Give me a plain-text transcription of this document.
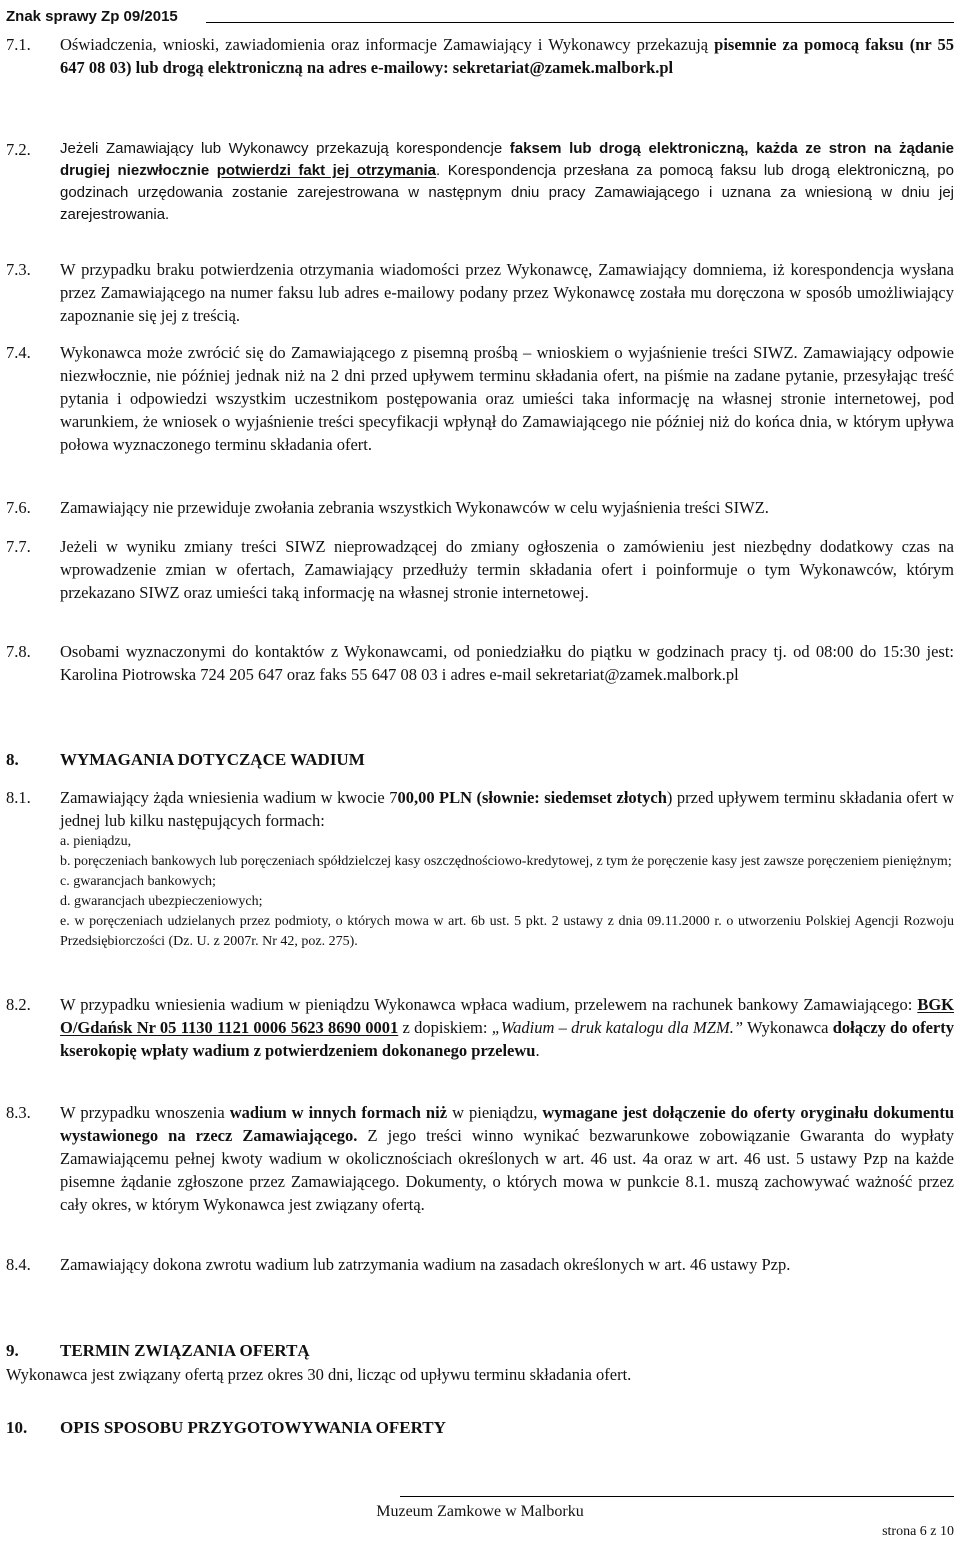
Znak sprawy Zp 09/2015
7.1.	Oświadczenia, wnioski, zawiadomienia oraz informacje Zamawiający i Wykonawcy przekazują pisemnie za pomocą faksu (nr 55 647 08 03) lub drogą elektroniczną na adres e-mailowy: sekretariat@zamek.malbork.pl
7.2.	Jeżeli Zamawiający lub Wykonawcy przekazują korespondencje faksem lub drogą elektroniczną, każda ze stron na żądanie drugiej niezwłocznie potwierdzi fakt jej otrzymania. Korespondencja przesłana za pomocą faksu lub drogą elektroniczną, po godzinach urzędowania zostanie zarejestrowana w następnym dniu pracy Zamawiającego i uznana za wniesioną w dniu jej zarejestrowania.
7.3.	W przypadku braku potwierdzenia otrzymania wiadomości przez Wykonawcę, Zamawiający domniema, iż korespondencja wysłana przez Zamawiającego na numer faksu lub adres e-mailowy podany przez Wykonawcę została mu doręczona w sposób umożliwiający zapoznanie się jej z treścią.
7.4.	Wykonawca może zwrócić się do Zamawiającego z pisemną prośbą – wnioskiem o wyjaśnienie treści SIWZ. Zamawiający odpowie niezwłocznie, nie później jednak niż na 2 dni przed upływem terminu składania ofert, na piśmie na zadane pytanie, przesyłając treść pytania i odpowiedzi wszystkim uczestnikom postępowania oraz umieści taka informację na własnej stronie internetowej, pod warunkiem, że wniosek o wyjaśnienie treści specyfikacji wpłynął do Zamawiającego nie później niż do końca dnia, w którym upływa połowa wyznaczonego terminu składania ofert.
7.6.	Zamawiający nie przewiduje zwołania zebrania wszystkich Wykonawców w celu wyjaśnienia treści SIWZ.
7.7.	Jeżeli w wyniku zmiany treści SIWZ nieprowadzącej do zmiany ogłoszenia o zamówieniu jest niezbędny dodatkowy czas na wprowadzenie zmian w ofertach, Zamawiający przedłuży termin składania ofert i poinformuje o tym Wykonawców, którym przekazano SIWZ oraz umieści taką informację na własnej stronie internetowej.
7.8.	Osobami wyznaczonymi do kontaktów z Wykonawcami, od poniedziałku do piątku w godzinach pracy tj. od 08:00 do 15:30 jest: Karolina Piotrowska 724 205 647 oraz faks 55 647 08 03 i adres e-mail sekretariat@zamek.malbork.pl
8.	WYMAGANIA DOTYCZĄCE WADIUM
8.1.	Zamawiający żąda wniesienia wadium w kwocie 700,00 PLN (słownie: siedemset złotych) przed upływem terminu składania ofert w jednej lub kilku następujących formach:
a. pieniądzu,
b. poręczeniach bankowych lub poręczeniach spółdzielczej kasy oszczędnościowo-kredytowej, z tym że poręczenie kasy jest zawsze poręczeniem pieniężnym;
c. gwarancjach bankowych;
d. gwarancjach ubezpieczeniowych;
e. w poręczeniach udzielanych przez podmioty, o których mowa w art. 6b ust. 5 pkt. 2 ustawy z dnia 09.11.2000 r. o utworzeniu Polskiej Agencji Rozwoju Przedsiębiorczości (Dz. U. z 2007r. Nr 42, poz. 275).
8.2.	W przypadku wniesienia wadium w pieniądzu Wykonawca wpłaca wadium, przelewem na rachunek bankowy Zamawiającego: BGK O/Gdańsk Nr 05 1130 1121 0006 5623 8690 0001 z dopiskiem: „Wadium – druk katalogu dla MZM.” Wykonawca dołączy do oferty kserokopię wpłaty wadium z potwierdzeniem dokonanego przelewu.
8.3.	W przypadku wnoszenia wadium w innych formach niż w pieniądzu, wymagane jest dołączenie do oferty oryginału dokumentu wystawionego na rzecz Zamawiającego. Z jego treści winno wynikać bezwarunkowe zobowiązanie Gwaranta do wypłaty Zamawiającemu pełnej kwoty wadium w okolicznościach określonych w art. 46 ust. 4a oraz w art. 46 ust. 5 ustawy Pzp na każde pisemne żądanie zgłoszone przez Zamawiającego. Dokumenty, o których mowa w punkcie 8.1. muszą zachowywać ważność przez cały okres, w którym Wykonawca jest związany ofertą.
8.4.	Zamawiający dokona zwrotu wadium lub zatrzymania wadium na zasadach określonych w art. 46 ustawy Pzp.
9.	TERMIN ZWIĄZANIA OFERTĄ
Wykonawca jest związany ofertą przez okres 30 dni, licząc od upływu terminu składania ofert.
10.	OPIS SPOSOBU PRZYGOTOWYWANIA OFERTY
Muzeum Zamkowe w Malborku
strona 6 z 10
